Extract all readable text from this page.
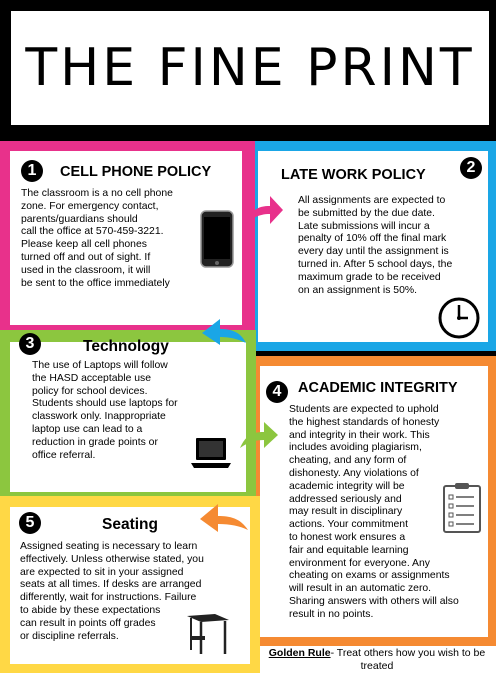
THE FINE PRINT
1	CELL PHONE POLICY
The classroom is a no cell phone
zone. For emergency contact,
parents/guardians should
call the office at 570-459-3221.
Please keep all cell phones
turned off and out of sight. If
used in the classroom, it will
be sent to the office immediately
LATE WORK POLICY	2
All assignments are expected to
be submitted by the due date.
Late submissions will incur a
penalty of 10% off the final mark
every day until the assignment is
turned in. After 5 school days, the
maximum grade to be received
on an assignment is 50%.
3	Technology
The use of Laptops will follow
the HASD acceptable use
policy for school devices.
Students should use laptops for
classwork only. Inappropriate
laptop use can lead to a
reduction in grade points or
office referral.
4	ACADEMIC INTEGRITY
Students are expected to uphold
the highest standards of honesty
and integrity in their work. This
includes avoiding plagiarism,
cheating, and any form of
dishonesty. Any violations of
academic integrity will be
addressed seriously and
may result in disciplinary
actions. Your commitment
to honest work ensures a
fair and equitable learning
environment for everyone. Any
cheating on exams or assignments
will result in an automatic zero.
Sharing answers with others will also
result in no points.
5	Seating
Assigned seating is necessary to learn
effectively. Unless otherwise stated, you
are expected to sit in your assigned
seats at all times. If desks are arranged
differently, wait for instructions. Failure
to abide by these expectations
can result in points off grades
or discipline referrals.
Golden Rule- Treat others how you wish to be treated
